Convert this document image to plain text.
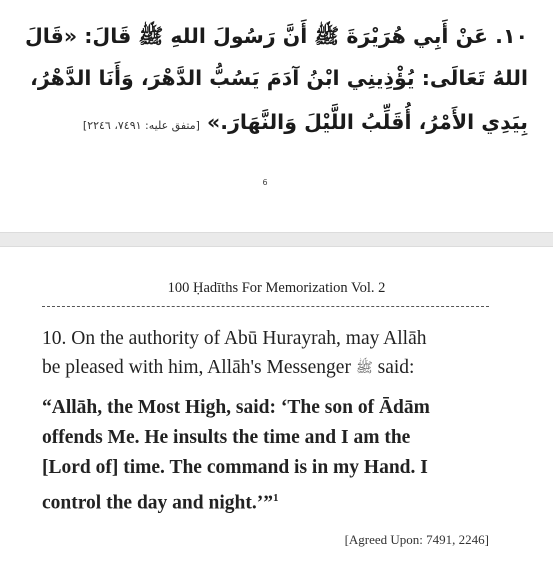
١٠. عَنْ أَبِي هُرَيْرَةَ ﷺ أَنَّ رَسُولَ اللهِ ﷺ قَالَ: «قَالَ
اللهُ تَعَالَى: يُؤْذِينِي ابْنُ آدَمَ يَسُبُّ الدَّهْرَ، وَأَنَا الدَّهْرُ،
بِيَدِي الأَمْرُ، أُقَلِّبُ اللَّيْلَ وَالنَّهَارَ.» [متفق عليه: ٧٤٩١، ٢٢٤٦]
6
100 Ḥadīths For Memorization Vol. 2
10. On the authority of Abū Hurayrah, may Allāh
be pleased with him, Allāh's Messenger ﷺ said:
“Allāh, the Most High, said: ‘The son of Ādām
offends Me. He insults the time and I am the
[Lord of] time. The command is in my Hand. I
control the day and night.’”$^1$
[Agreed Upon: 7491, 2246]
